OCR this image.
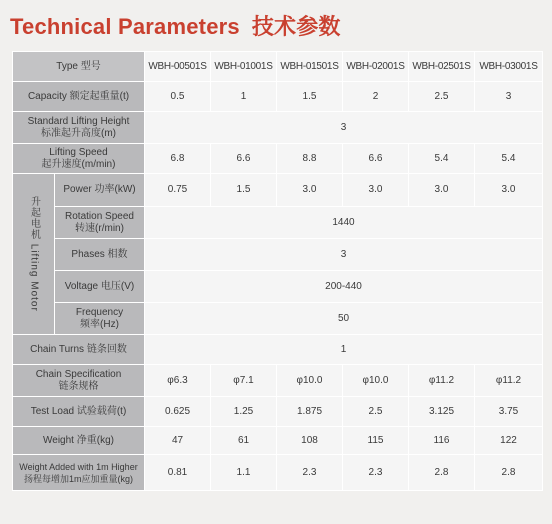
Technical Parameters 技术参数
Type 型号		WBH-00501S	WBH-01001S	WBH-01501S	WBH-02001S	WBH-02501S	WBH-03001S
Capacity 额定起重量(t)		0.5	1	1.5	2	2.5	3

Standard Lifting Height
标准起升高度(m)		3					

Lifting Speed
起升速度(m/min)		6.8	6.6	8.8	6.6	5.4	5.4

升起电机 Lifting Motor	Power 功率(kW)	0.75	1.5	3.0	3.0	3.0	3.0

	Rotation Speed
转速(r/min)	1440					
	Phases 相数	3					
	Voltage 电压(V)	200-440					

	Frequency
频率(Hz)	50					
Chain Turns 链条回数		1					

Chain Specification
链条规格		φ6.3	φ7.1	φ10.0	φ10.0	φ11.2	φ11.2
Test Load 试验载荷(t)		0.625	1.25	1.875	2.5	3.125	3.75
Weight 净重(kg)		47	61	108	115	116	122

Weight Added with 1m Higher
扬程每增加1m应加重量(kg)		0.81	1.1	2.3	2.3	2.8	2.8
